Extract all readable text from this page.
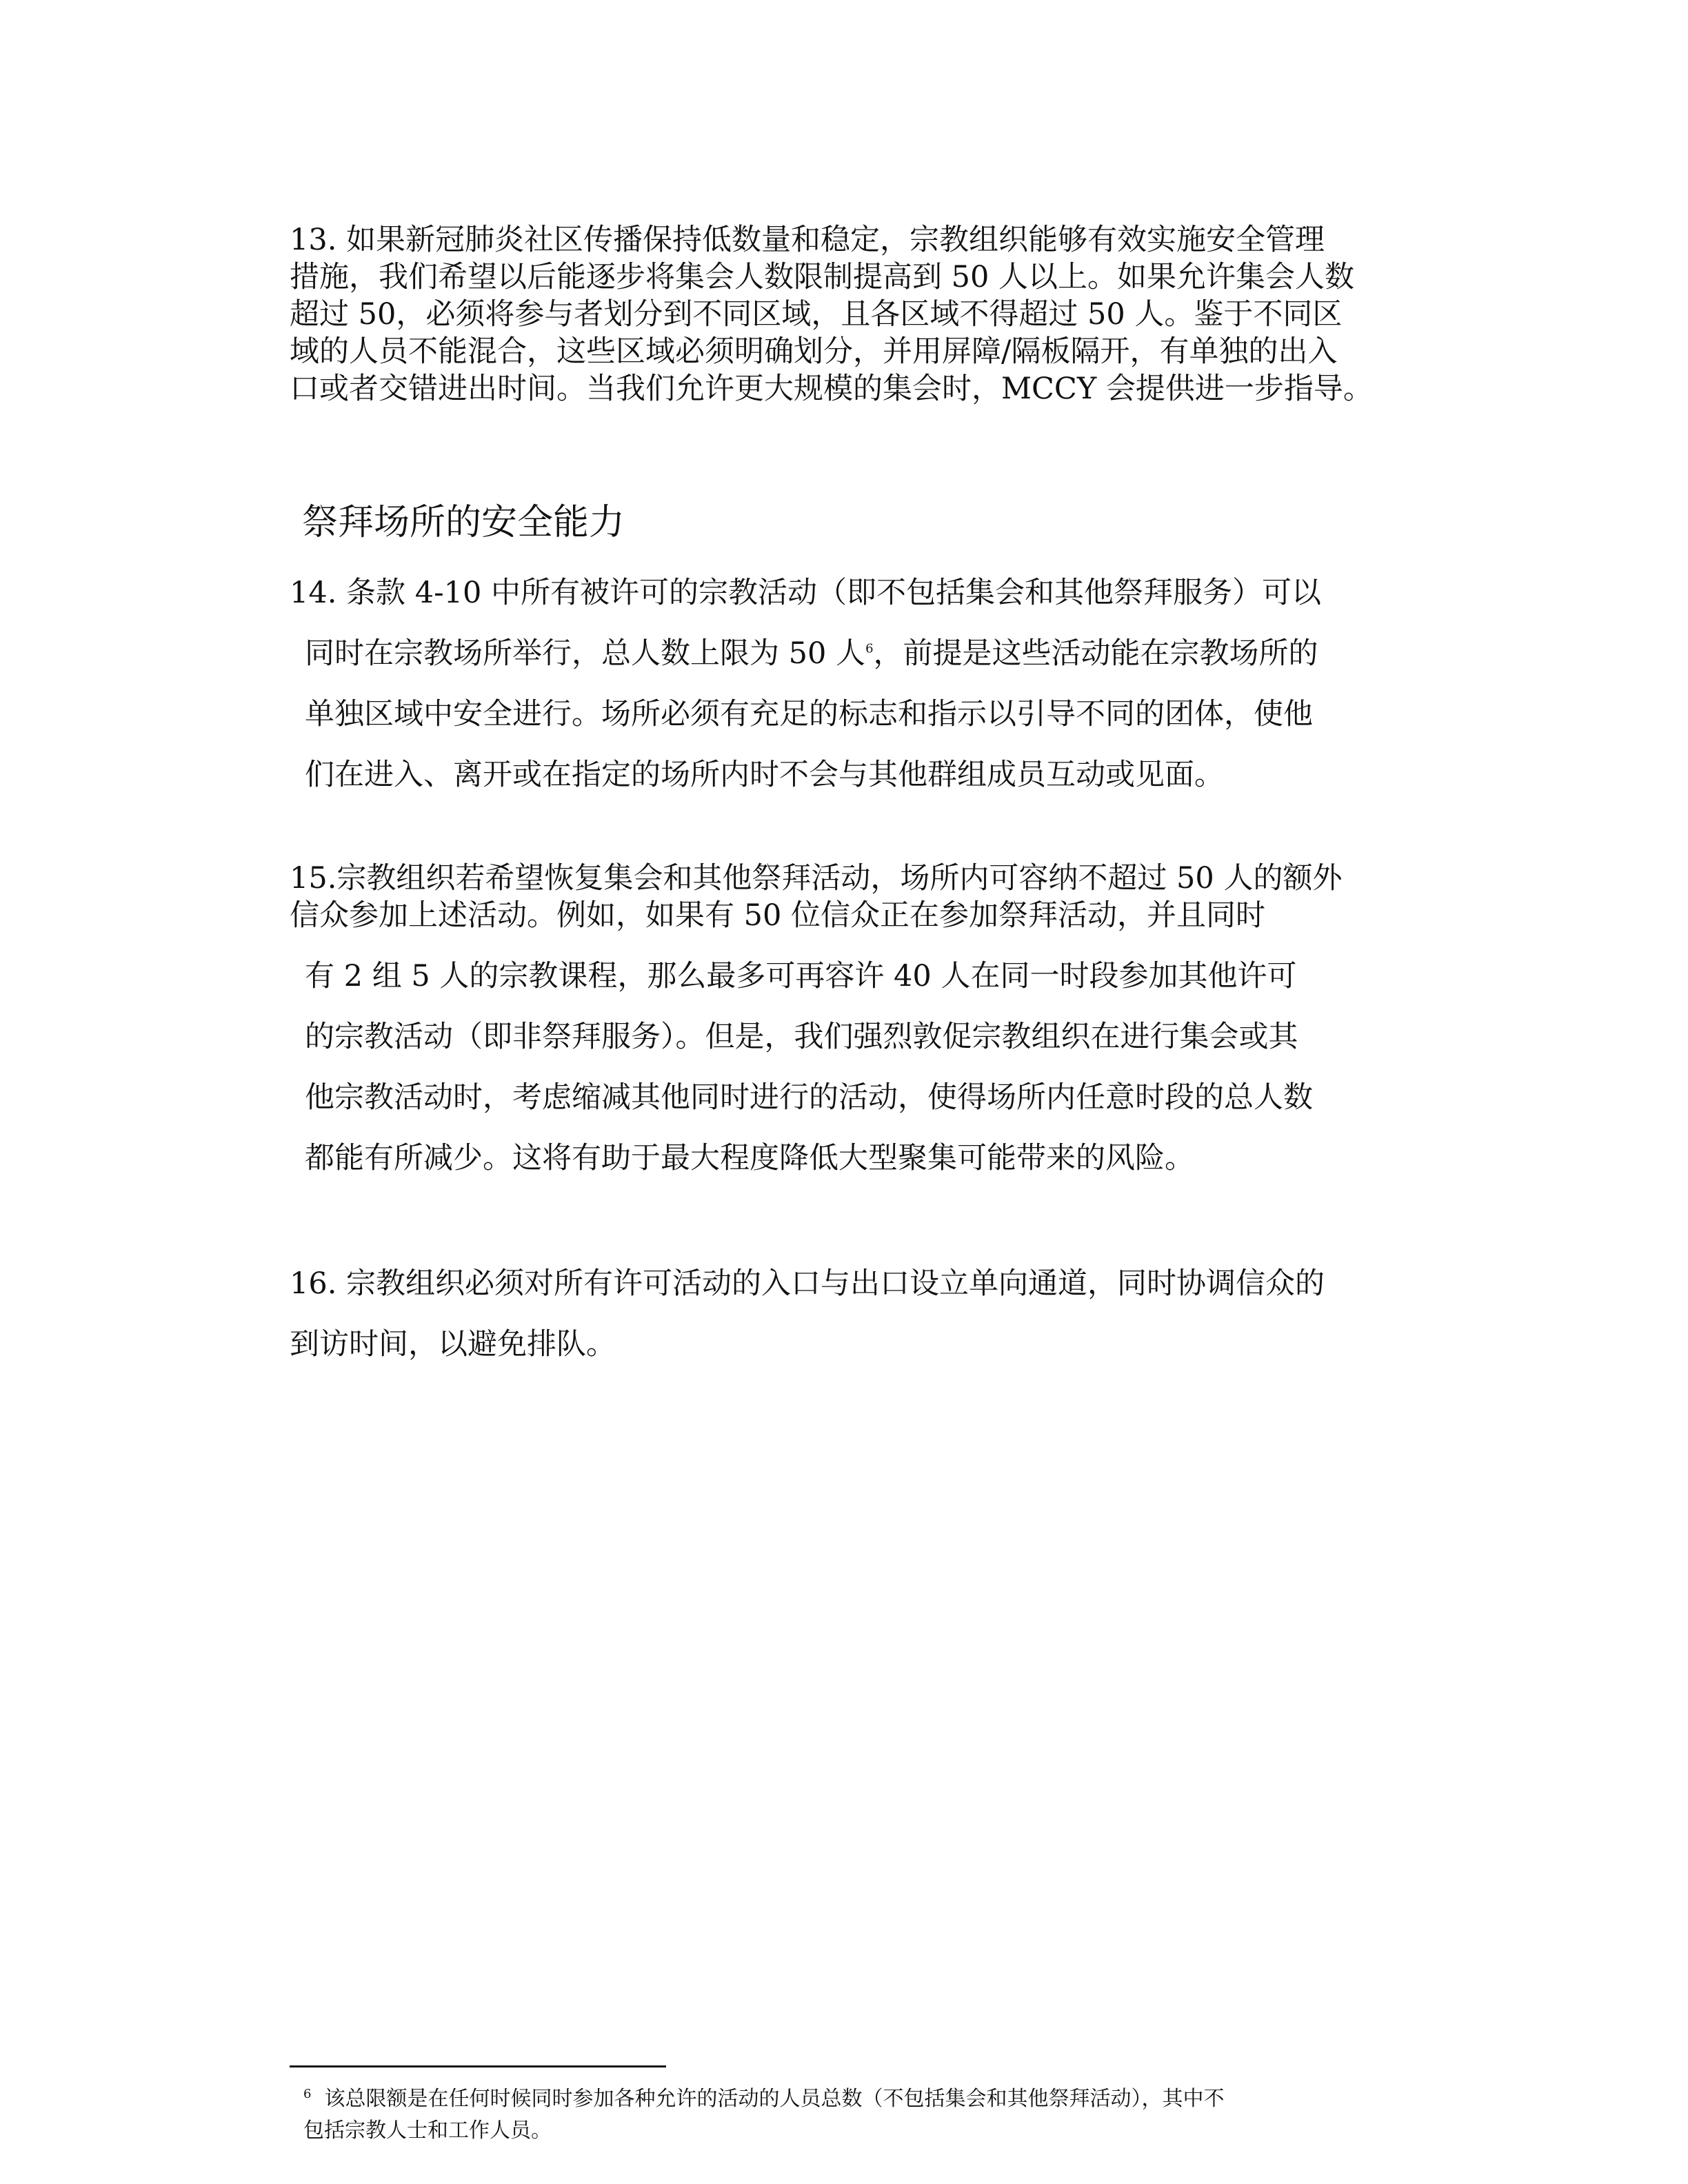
13. 如果新冠肺炎社区传播保持低数量和稳定，宗教组织能够有效实施安全管理
措施，我们希望以后能逐步将集会人数限制提高到 50 人以上。如果允许集会人数
超过 50，必须将参与者划分到不同区域，且各区域不得超过 50 人。鉴于不同区
域的人员不能混合，这些区域必须明确划分，并用屏障/隔板隔开，有单独的出入
口或者交错进出时间。当我们允许更大规模的集会时，MCCY 会提供进一步指导。
祭拜场所的安全能力
14. 条款 4-10 中所有被许可的宗教活动（即不包括集会和其他祭拜服务）可以
同时在宗教场所举行，总人数上限为 50 人$^6$，前提是这些活动能在宗教场所的
单独区域中安全进行。场所必须有充足的标志和指示以引导不同的团体，使他
们在进入、离开或在指定的场所内时不会与其他群组成员互动或见面。
15.宗教组织若希望恢复集会和其他祭拜活动，场所内可容纳不超过 50 人的额外
信众参加上述活动。例如，如果有 50 位信众正在参加祭拜活动，并且同时
有 2 组 5 人的宗教课程，那么最多可再容许 40 人在同一时段参加其他许可
的宗教活动（即非祭拜服务）。但是，我们强烈敦促宗教组织在进行集会或其
他宗教活动时，考虑缩减其他同时进行的活动，使得场所内任意时段的总人数
都能有所减少。这将有助于最大程度降低大型聚集可能带来的风险。
16. 宗教组织必须对所有许可活动的入口与出口设立单向通道，同时协调信众的
到访时间，以避免排队。
$^6$ 该总限额是在任何时候同时参加各种允许的活动的人员总数（不包括集会和其他祭拜活动），其中不
包括宗教人士和工作人员。
